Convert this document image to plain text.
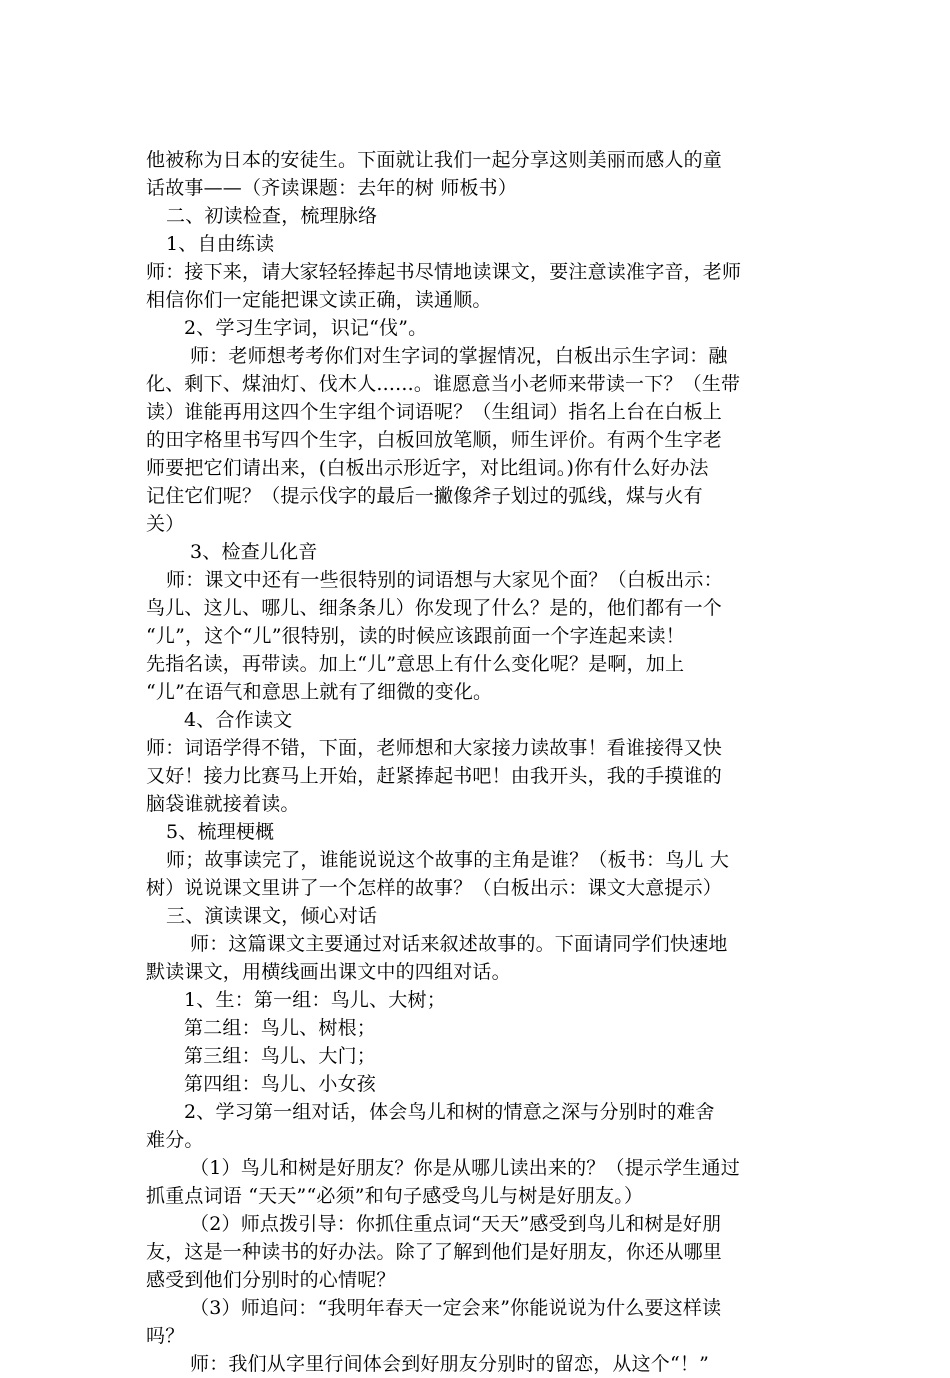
他被称为日本的安徒生。下面就让我们一起分享这则美丽而感人的童
话故事——（齐读课题：去年的树 师板书）
二、初读检查，梳理脉络
1、自由练读
师：接下来，请大家轻轻捧起书尽情地读课文，要注意读准字音，老师
相信你们一定能把课文读正确，读通顺。
2、学习生字词，识记“伐”。
师：老师想考考你们对生字词的掌握情况，白板出示生字词：融
化、剩下、煤油灯、伐木人......。谁愿意当小老师来带读一下？（生带
读）谁能再用这四个生字组个词语呢？（生组词）指名上台在白板上
的田字格里书写四个生字，白板回放笔顺，师生评价。有两个生字老
师要把它们请出来，(白板出示形近字，对比组词。)你有什么好办法
记住它们呢？（提示伐字的最后一撇像斧子划过的弧线，煤与火有
关）
3、检查儿化音
师：课文中还有一些很特别的词语想与大家见个面？（白板出示：
鸟儿、这儿、哪儿、细条条儿）你发现了什么？是的，他们都有一个
“儿”，这个“儿”很特别，读的时候应该跟前面一个字连起来读！
先指名读，再带读。加上“儿”意思上有什么变化呢？是啊，加上
“儿”在语气和意思上就有了细微的变化。
4、合作读文
师：词语学得不错，下面，老师想和大家接力读故事！看谁接得又快
又好！接力比赛马上开始，赶紧捧起书吧！由我开头，我的手摸谁的
脑袋谁就接着读。
5、梳理梗概
师；故事读完了，谁能说说这个故事的主角是谁？（板书：鸟儿 大
树）说说课文里讲了一个怎样的故事？（白板出示：课文大意提示）
三、演读课文，倾心对话
师：这篇课文主要通过对话来叙述故事的。下面请同学们快速地
默读课文，用横线画出课文中的四组对话。
1、生：第一组：鸟儿、大树；
第二组：鸟儿、树根；
第三组：鸟儿、大门；
第四组：鸟儿、小女孩
2、学习第一组对话，体会鸟儿和树的情意之深与分别时的难舍
难分。
（1）鸟儿和树是好朋友？你是从哪儿读出来的？（提示学生通过
抓重点词语 “天天”“必须”和句子感受鸟儿与树是好朋友。）
（2）师点拨引导：你抓住重点词“天天”感受到鸟儿和树是好朋
友，这是一种读书的好办法。除了了解到他们是好朋友，你还从哪里
感受到他们分别时的心情呢？
（3）师追问：“我明年春天一定会来”你能说说为什么要这样读
吗？
师：我们从字里行间体会到好朋友分别时的留恋，从这个“！”
